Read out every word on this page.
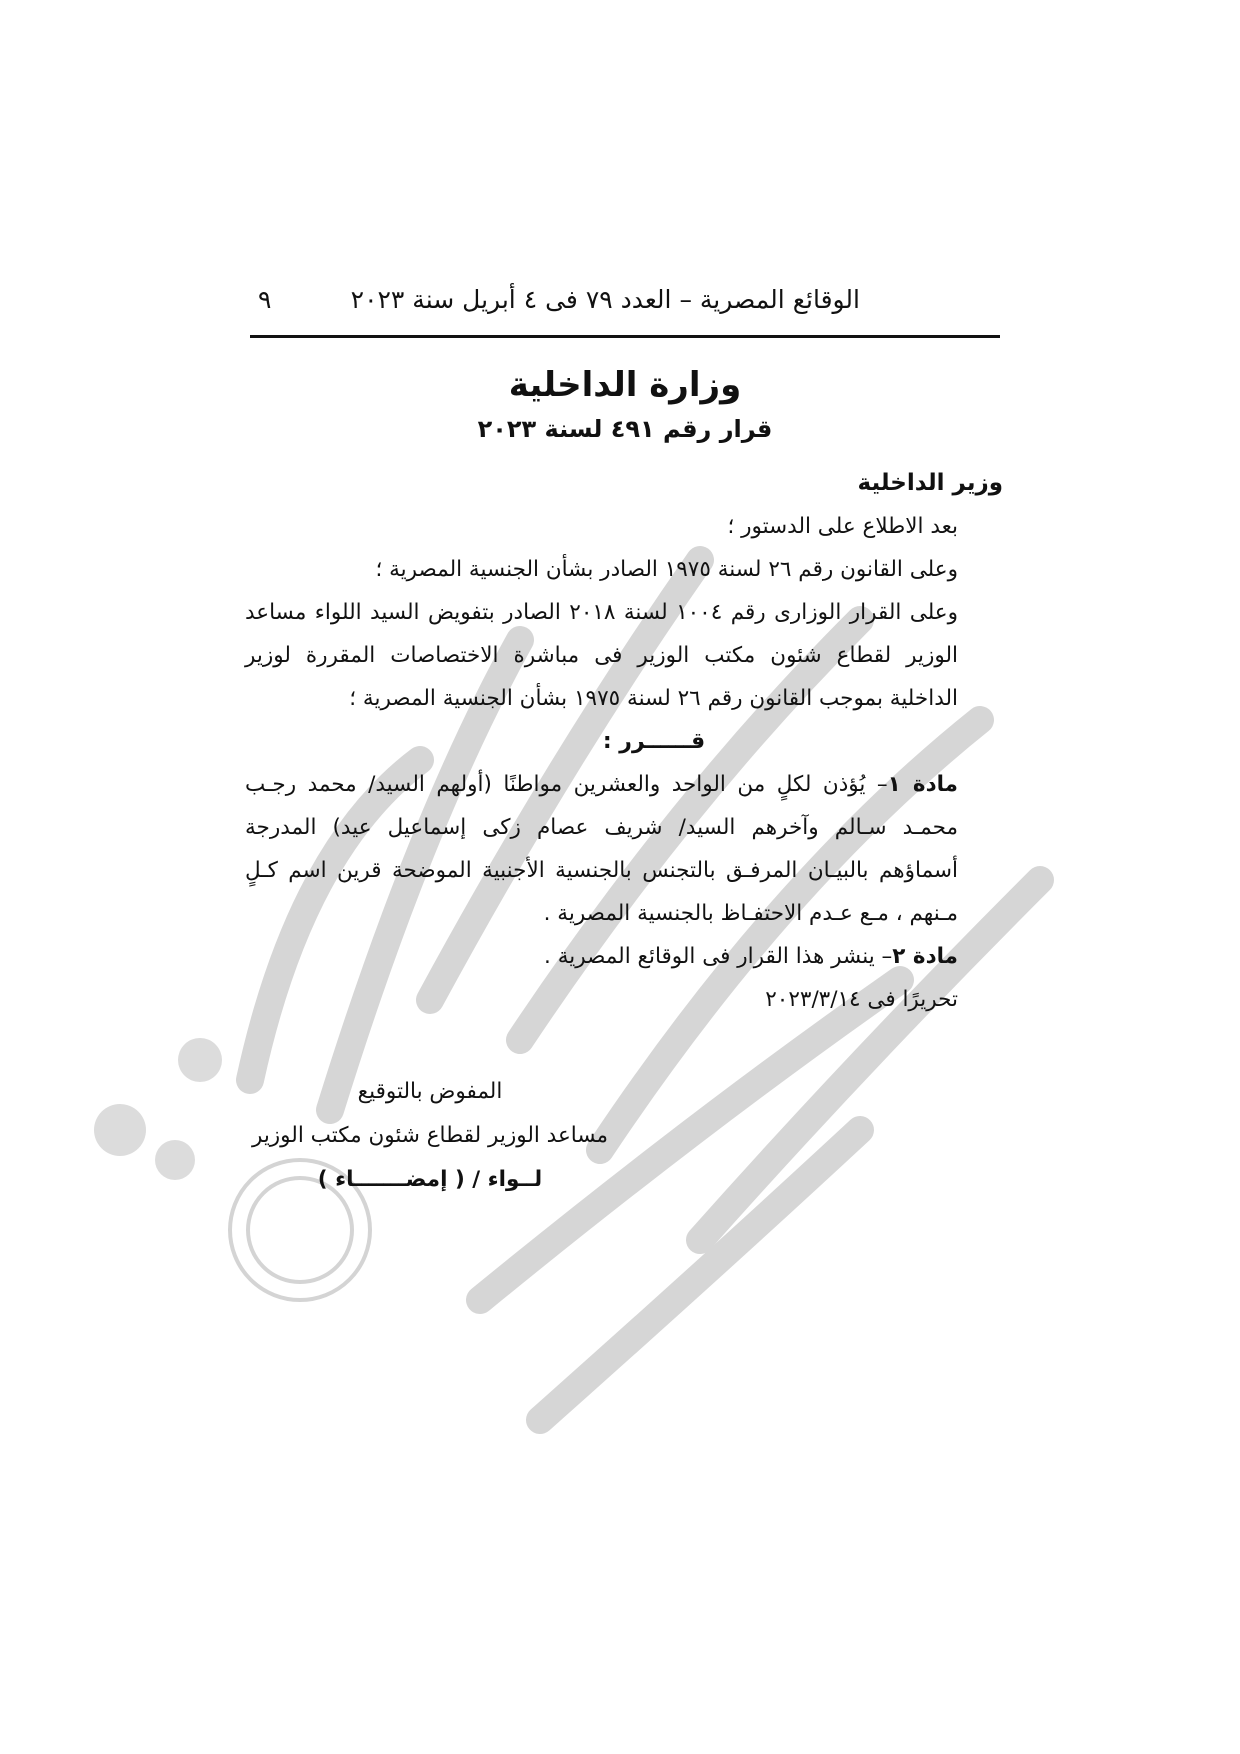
الوقائع المصرية – العدد ٧٩ فى ٤ أبريل سنة ٢٠٢٣
٩
وزارة الداخلية
قرار رقم ٤٩١ لسنة ٢٠٢٣

وزير الداخلية

بعد الاطلاع على الدستور ؛

وعلى القانون رقم ٢٦ لسنة ١٩٧٥ الصادر بشأن الجنسية المصرية ؛

وعلى القرار الوزارى رقم ١٠٠٤ لسنة ٢٠١٨ الصادر بتفويض السيد اللواء مساعد الوزير لقطاع شئون مكتب الوزير فى مباشرة الاختصاصات المقررة لوزير الداخلية بموجب القانون رقم ٢٦ لسنة ١٩٧٥ بشأن الجنسية المصرية ؛

قــــــرر :

مادة ١– يُؤذن لكلٍ من الواحد والعشرين مواطنًا (أولهم السيد/ محمد رجـب محمـد سـالم وآخرهم السيد/ شريف عصام زكى إسماعيل عيد) المدرجة أسماؤهم بالبيـان المرفـق بالتجنس بالجنسية الأجنبية الموضحة قرين اسم كـلٍ مـنهم ، مـع عـدم الاحتفـاظ بالجنسية المصرية .

مادة ٢– ينشر هذا القرار فى الوقائع المصرية .

تحريرًا فى ٢٠٢٣/٣/١٤

المفوض بالتوقيع
مساعد الوزير لقطاع شئون مكتب الوزير
لــواء / ( إمضـــــــاء )
